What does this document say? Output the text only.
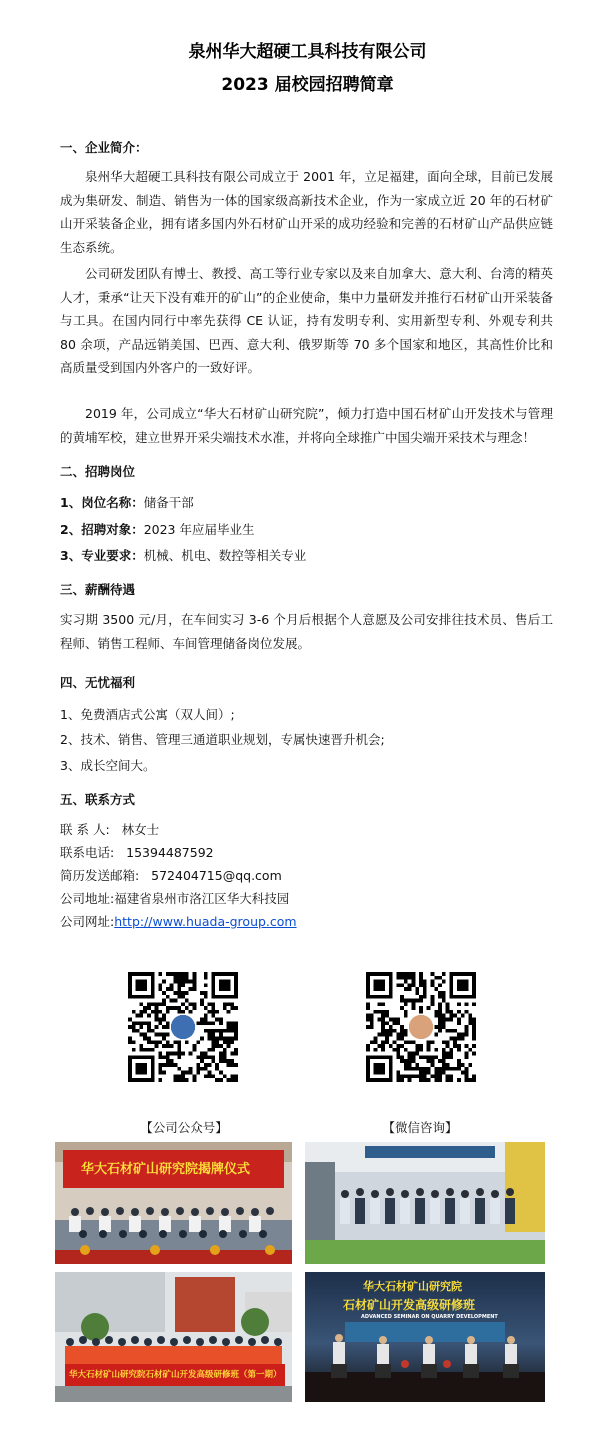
泉州华大超硬工具科技有限公司
2023 届校园招聘简章
一、企业简介：

泉州华大超硬工具科技有限公司成立于 2001 年，立足福建，面向全球，目前已发展成为集研发、制造、销售为一体的国家级高新技术企业，作为一家成立近 20 年的石材矿山开采装备企业，拥有诸多国内外石材矿山开采的成功经验和完善的石材矿山产品供应链生态系统。

公司研发团队有博士、教授、高工等行业专家以及来自加拿大、意大利、台湾的精英人才，秉承“让天下没有难开的矿山”的企业使命，集中力量研发并推行石材矿山开采装备与工具。在国内同行中率先获得 CE 认证，持有发明专利、实用新型专利、外观专利共 80 余项，产品远销美国、巴西、意大利、俄罗斯等 70 多个国家和地区，其高性价比和高质量受到国内外客户的一致好评。

2019 年，公司成立“华大石材矿山研究院”，倾力打造中国石材矿山开发技术与管理的黄埔军校，建立世界开采尖端技术水准，并将向全球推广中国尖端开采技术与理念！

二、招聘岗位
1、岗位名称：储备干部
2、招聘对象：2023 年应届毕业生
3、专业要求：机械、机电、数控等相关专业
三、薪酬待遇

实习期 3500 元/月，在车间实习 3-6 个月后根据个人意愿及公司安排往技术员、售后工程师、销售工程师、车间管理储备岗位发展。

四、无忧福利
1、免费酒店式公寓（双人间）;
2、技术、销售、管理三通道职业规划，专属快速晋升机会;
3、成长空间大。
五、联系方式
联 系 人: 林女士
联系电话: 15394487592
简历发送邮箱: 572404715@qq.com
公司地址:福建省泉州市洛江区华大科技园
公司网址:http://www.huada-group.com
【公司公众号】	【微信咨询】
华大石材矿山研究院揭牌仪式
华大石材矿山研究院石材矿山开发高级研修班（第一期）
华大石材矿山研究院
石材矿山开发高级研修班
ADVANCED SEMINAR ON QUARRY DEVELOPMENT
